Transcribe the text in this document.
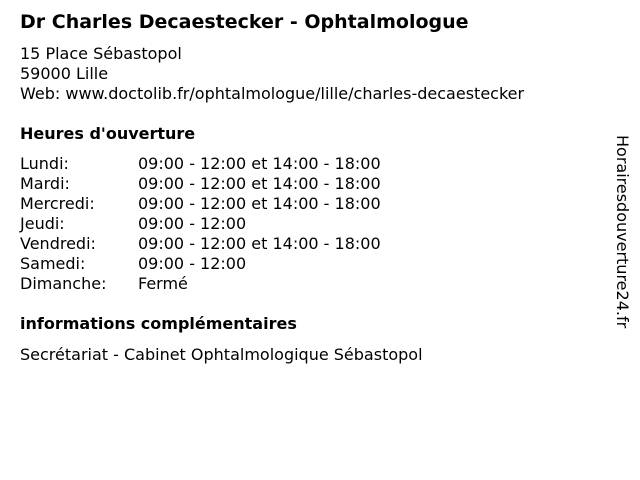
Dr Charles Decaestecker - Ophtalmologue
15 Place Sébastopol
59000 Lille
Web: www.doctolib.fr/ophtalmologue/lille/charles-decaestecker
Heures d'ouverture
Lundi:	09:00 - 12:00 et 14:00 - 18:00
Mardi:	09:00 - 12:00 et 14:00 - 18:00
Mercredi:	09:00 - 12:00 et 14:00 - 18:00
Jeudi:	09:00 - 12:00
Vendredi:	09:00 - 12:00 et 14:00 - 18:00
Samedi:	09:00 - 12:00
Dimanche:	Fermé
informations complémentaires
Secrétariat - Cabinet Ophtalmologique Sébastopol
Horairesdouverture24.fr
